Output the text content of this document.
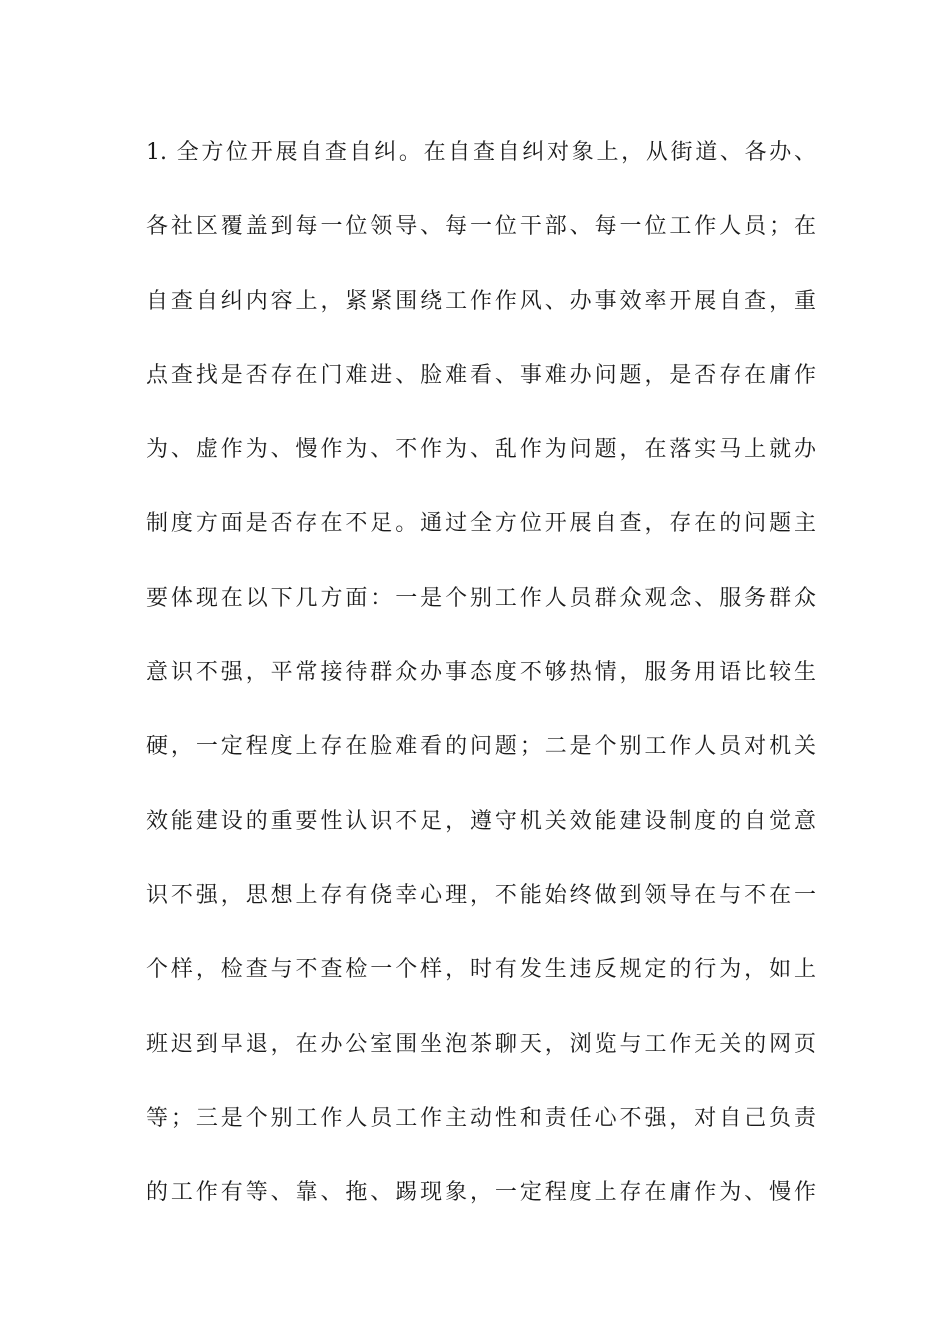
1. 全方位开展自查自纠。在自查自纠对象上，从街道、各办、
各社区覆盖到每一位领导、每一位干部、每一位工作人员；在
自查自纠内容上，紧紧围绕工作作风、办事效率开展自查，重
点查找是否存在门难进、脸难看、事难办问题，是否存在庸作
为、虚作为、慢作为、不作为、乱作为问题，在落实马上就办
制度方面是否存在不足。通过全方位开展自查，存在的问题主
要体现在以下几方面：一是个别工作人员群众观念、服务群众
意识不强，平常接待群众办事态度不够热情，服务用语比较生
硬，一定程度上存在脸难看的问题；二是个别工作人员对机关
效能建设的重要性认识不足，遵守机关效能建设制度的自觉意
识不强，思想上存有侥幸心理，不能始终做到领导在与不在一
个样，检查与不查检一个样，时有发生违反规定的行为，如上
班迟到早退，在办公室围坐泡茶聊天，浏览与工作无关的网页
等；三是个别工作人员工作主动性和责任心不强，对自己负责
的工作有等、靠、拖、踢现象，一定程度上存在庸作为、慢作
